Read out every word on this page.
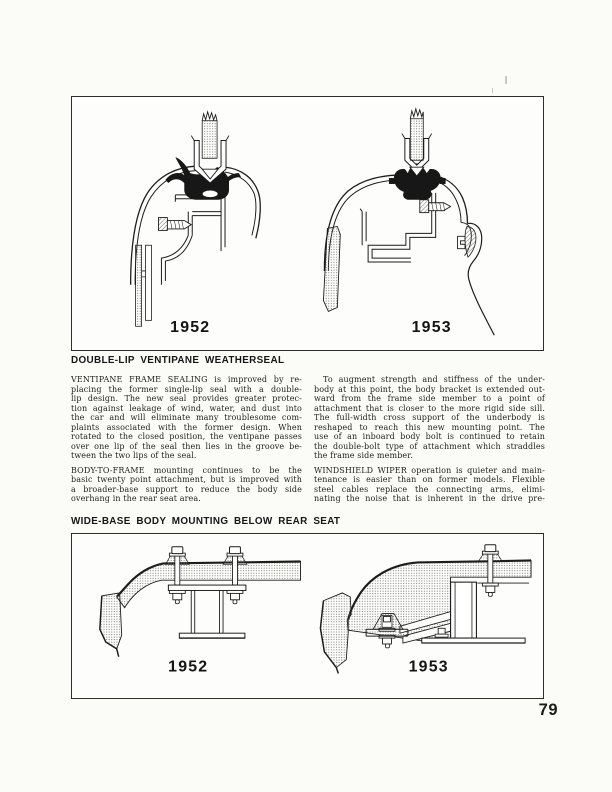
1952	1953
DOUBLE-LIP VENTIPANE WEATHERSEAL

VENTIPANE FRAME SEALING is improved by re-
placing the former single-lip seal with a double-
lip design. The new seal provides greater protec-
tion against leakage of wind, water, and dust into
the car and will eliminate many troublesome com-
plaints associated with the former design. When
rotated to the closed position, the ventipane passes
over one lip of the seal then lies in the groove be-
tween the two lips of the seal.

BODY-TO-FRAME mounting continues to be the
basic twenty point attachment, but is improved with
a broader-base support to reduce the body side
overhang in the rear seat area.

To augment strength and stiffness of the under-
body at this point, the body bracket is extended out-
ward from the frame side member to a point of
attachment that is closer to the more rigid side sill.
The full-width cross support of the underbody is
reshaped to reach this new mounting point. The
use of an inboard body bolt is continued to retain
the double-bolt type of attachment which straddles
the frame side member.

WINDSHIELD WIPER operation is quieter and main-
tenance is easier than on former models. Flexible
steel cables replace the connecting arms, elimi-
nating the noise that is inherent in the drive pre-

WIDE-BASE BODY MOUNTING BELOW REAR SEAT
1952	1953
79
